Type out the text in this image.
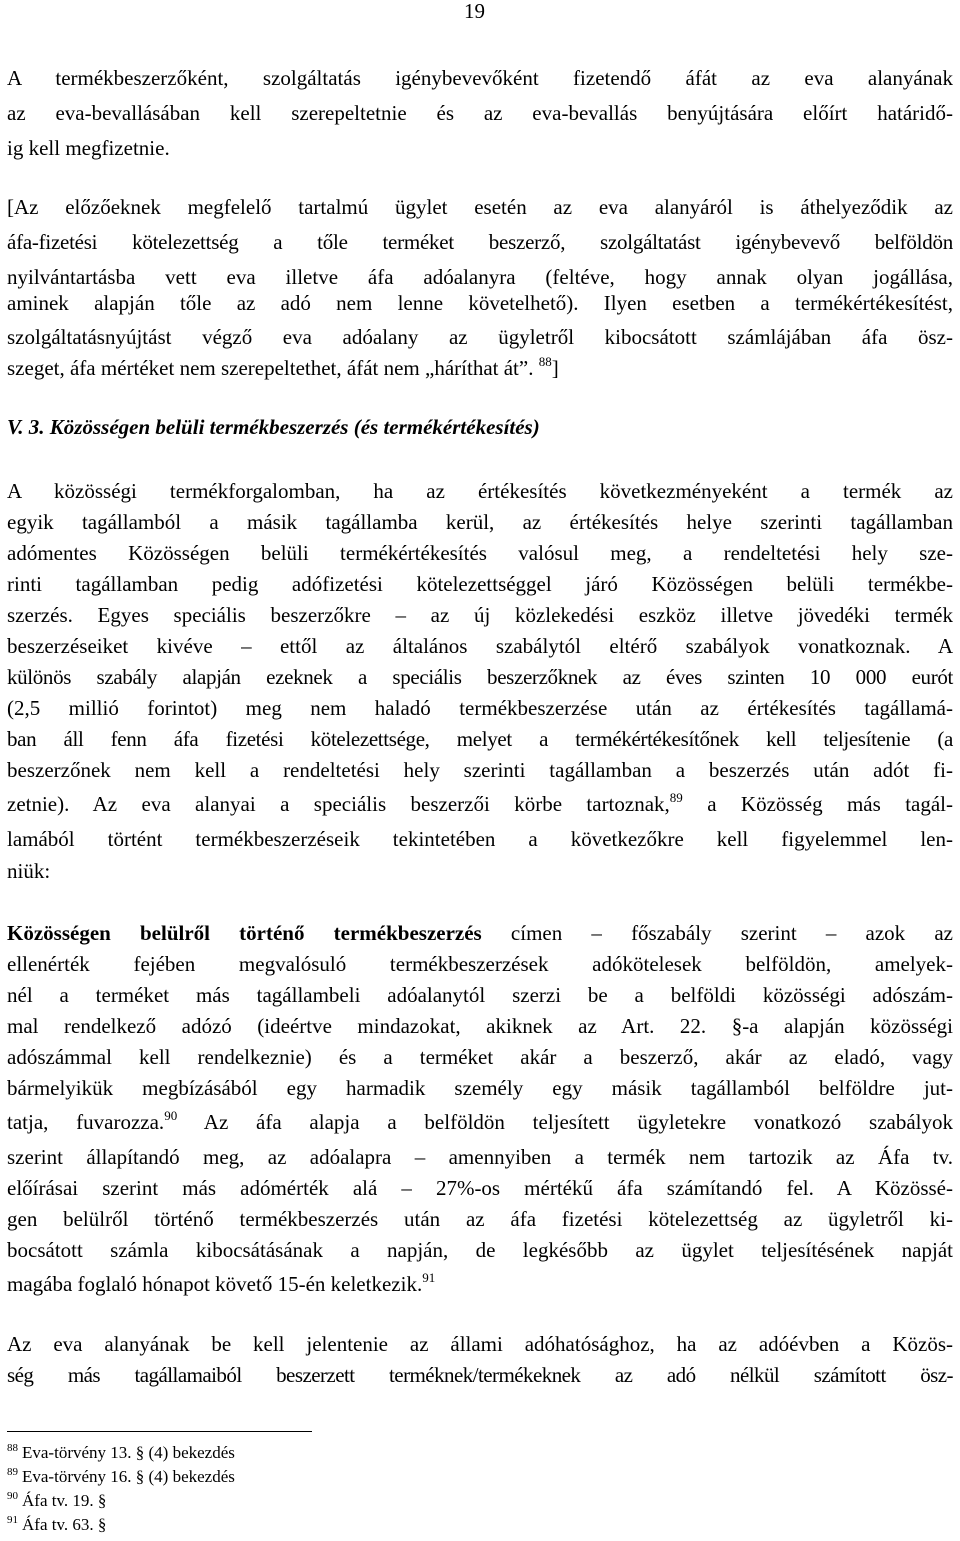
19
A termékbeszerzőként, szolgáltatás igénybevevőként fizetendő áfát az eva alanyának
az eva-bevallásában kell szerepeltetnie és az eva-bevallás benyújtására előírt határidő-
ig kell megfizetnie.
[Az előzőeknek megfelelő tartalmú ügylet esetén az eva alanyáról is áthelyeződik az
áfa-fizetési kötelezettség a tőle terméket beszerző, szolgáltatást igénybevevő belföldön
nyilvántartásba vett eva illetve áfa adóalanyra (feltéve, hogy annak olyan jogállása,
aminek alapján tőle az adó nem lenne követelhető). Ilyen esetben a termékértékesítést,
szolgáltatásnyújtást végző eva adóalany az ügyletről kibocsátott számlájában áfa ösz-
szeget, áfa mértéket nem szerepeltethet, áfát nem „háríthat át”. $^{88}$]
V. 3. Közösségen belüli termékbeszerzés (és termékértékesítés)
A közösségi termékforgalomban, ha az értékesítés következményeként a termék az
egyik tagállamból a másik tagállamba kerül, az értékesítés helye szerinti tagállamban
adómentes Közösségen belüli termékértékesítés valósul meg, a rendeltetési hely sze-
rinti tagállamban pedig adófizetési kötelezettséggel járó Közösségen belüli termékbe-
szerzés. Egyes speciális beszerzőkre – az új közlekedési eszköz illetve jövedéki termék
beszerzéseiket kivéve – ettől az általános szabálytól eltérő szabályok vonatkoznak. A
különös szabály alapján ezeknek a speciális beszerzőknek az éves szinten 10 000 eurót
(2,5 millió forintot) meg nem haladó termékbeszerzése után az értékesítés tagállamá-
ban áll fenn áfa fizetési kötelezettsége, melyet a termékértékesítőnek kell teljesítenie (a
beszerzőnek nem kell a rendeltetési hely szerinti tagállamban a beszerzés után adót fi-
zetnie). Az eva alanyai a speciális beszerzői körbe tartoznak,$^{89}$ a Közösség más tagál-
lamából történt termékbeszerzéseik tekintetében a következőkre kell figyelemmel len-
niük:
Közösségen belülről történő termékbeszerzés címen – főszabály szerint – azok az
ellenérték fejében megvalósuló termékbeszerzések adókötelesek belföldön, amelyek-
nél a terméket más tagállambeli adóalanytól szerzi be a belföldi közösségi adószám-
mal rendelkező adózó (ideértve mindazokat, akiknek az Art. 22. §-a alapján közösségi
adószámmal kell rendelkeznie) és a terméket akár a beszerző, akár az eladó, vagy
bármelyikük megbízásából egy harmadik személy egy másik tagállamból belföldre jut-
tatja, fuvarozza.$^{90}$ Az áfa alapja a belföldön teljesített ügyletekre vonatkozó szabályok
szerint állapítandó meg, az adóalapra – amennyiben a termék nem tartozik az Áfa tv.
előírásai szerint más adómérték alá – 27%-os mértékű áfa számítandó fel. A Közössé-
gen belülről történő termékbeszerzés után az áfa fizetési kötelezettség az ügyletről ki-
bocsátott számla kibocsátásának a napján, de legkésőbb az ügylet teljesítésének napját
magába foglaló hónapot követő 15-én keletkezik.$^{91}$
Az eva alanyának be kell jelentenie az állami adóhatósághoz, ha az adóévben a Közös-
ség más tagállamaiból beszerzett terméknek/termékeknek az adó nélkül számított ösz-
$^{88}$ Eva-törvény 13. § (4) bekezdés
$^{89}$ Eva-törvény 16. § (4) bekezdés
$^{90}$ Áfa tv. 19. §
$^{91}$ Áfa tv. 63. §
